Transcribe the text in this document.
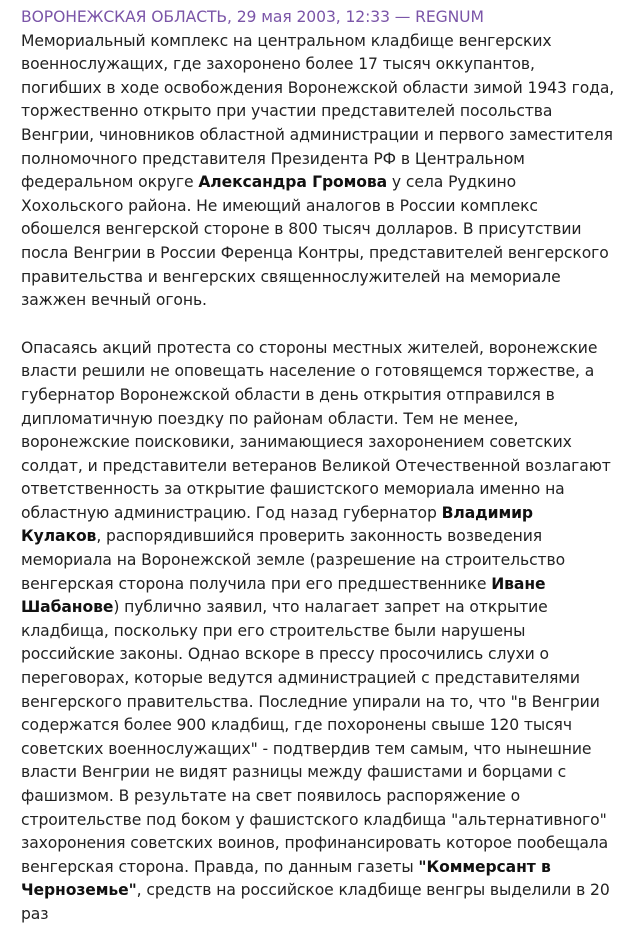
ВОРОНЕЖСКАЯ ОБЛАСТЬ, 29 мая 2003, 12:33 — REGNUMМемориальный комплекс на центральном кладбище венгерских военнослужащих, где захоронено более 17 тысяч оккупантов, погибших в ходе освобождения Воронежской области зимой 1943 года, торжественно открыто при участии представителей посольства Венгрии, чиновников областной администрации и первого заместителя полномочного представителя Президента РФ в Центральном федеральном округе Александра Громова у села Рудкино Хохольского района. Не имеющий аналогов в России комплекс обошелся венгерской стороне в 800 тысяч долларов. В присутствии посла Венгрии в России Ференца Контры, представителей венгерского правительства и венгерских священнослужителей на мемориале зажжен вечный огонь.

Опасаясь акций протеста со стороны местных жителей, воронежские власти решили не оповещать население о готовящемся торжестве, а губернатор Воронежской области в день открытия отправился в дипломатичную поездку по районам области. Тем не менее, воронежские поисковики, занимающиеся захоронением советских солдат, и представители ветеранов Великой Отечественной возлагают ответственность за открытие фашистского мемориала именно на областную администрацию. Год назад губернатор Владимир Кулаков, распорядившийся проверить законность возведения мемориала на Воронежской земле (разрешение на строительство венгерская сторона получила при его предшественнике Иване Шабанове) публично заявил, что налагает запрет на открытие кладбища, поскольку при его строительстве были нарушены российские законы. Однао вскоре в прессу просочились слухи о переговорах, которые ведутся администрацией с представителями венгерского правительства. Последние упирали на то, что "в Венгрии содержатся более 900 кладбищ, где похоронены свыше 120 тысяч советских военнослужащих" - подтвердив тем самым, что нынешние власти Венгрии не видят разницы между фашистами и борцами с фашизмом. В результате на свет появилось распоряжение о строительстве под боком у фашистского кладбища "альтернативного" захоронения советских воинов, профинансировать которое пообещала венгерская сторона. Правда, по данным газеты "Коммерсант в Черноземье", средств на российское кладбище венгры выделили в 20 раз
